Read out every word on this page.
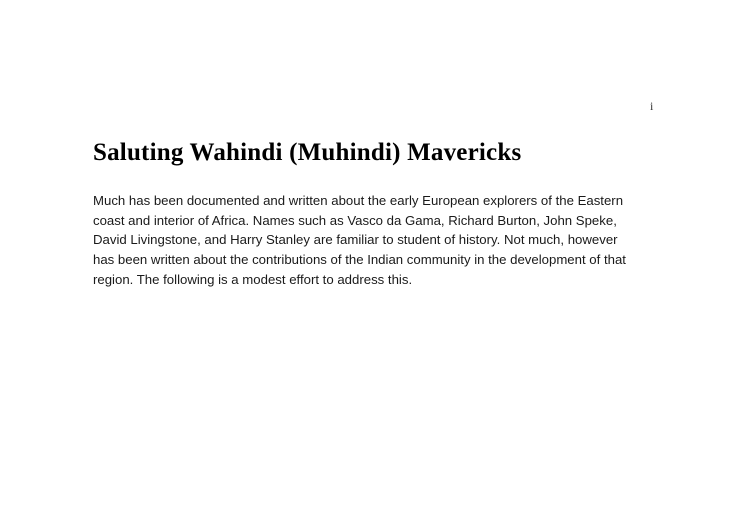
i
Saluting Wahindi (Muhindi) Mavericks

Much has been documented and written about the early European explorers of the Eastern coast and interior of Africa. Names such as Vasco da Gama, Richard Burton, John Speke, David Livingstone, and Harry Stanley are familiar to student of history. Not much, however has been written about the contributions of the Indian community in the development of that region. The following is a modest effort to address this.
